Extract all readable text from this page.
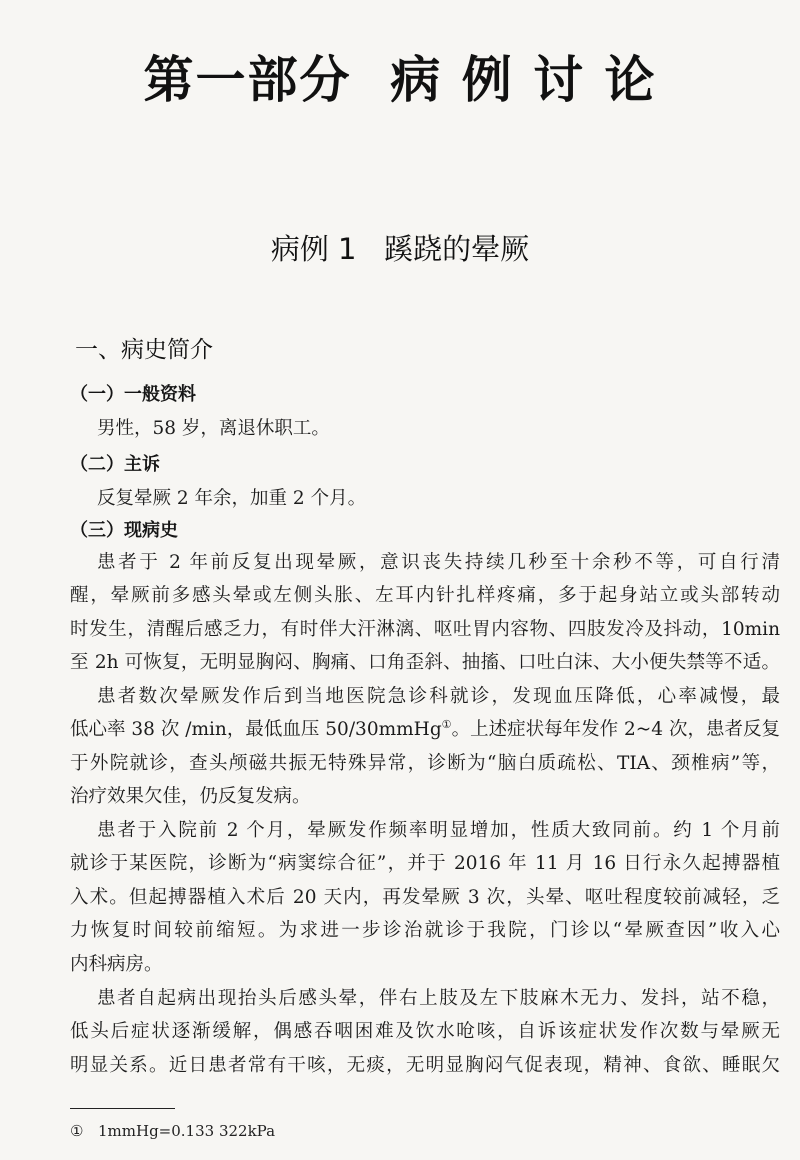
第一部分  病 例 讨 论
病例 1   蹊跷的晕厥
一、病史简介
（一）一般资料
男性，58 岁，离退休职工。
（二）主诉
反复晕厥 2 年余，加重 2 个月。
（三）现病史
患者于 2 年前反复出现晕厥，意识丧失持续几秒至十余秒不等，可自行清
醒，晕厥前多感头晕或左侧头胀、左耳内针扎样疼痛，多于起身站立或头部转动
时发生，清醒后感乏力，有时伴大汗淋漓、呕吐胃内容物、四肢发冷及抖动，10min
至 2h 可恢复，无明显胸闷、胸痛、口角歪斜、抽搐、口吐白沫、大小便失禁等不适。
患者数次晕厥发作后到当地医院急诊科就诊，发现血压降低，心率减慢，最
低心率 38 次 /min，最低血压 50/30mmHg①。上述症状每年发作 2~4 次，患者反复
于外院就诊，查头颅磁共振无特殊异常，诊断为“脑白质疏松、TIA、颈椎病”等，
治疗效果欠佳，仍反复发病。
患者于入院前 2 个月，晕厥发作频率明显增加，性质大致同前。约 1 个月前
就诊于某医院，诊断为“病窦综合征”，并于 2016 年 11 月 16 日行永久起搏器植
入术。但起搏器植入术后 20 天内，再发晕厥 3 次，头晕、呕吐程度较前减轻，乏
力恢复时间较前缩短。为求进一步诊治就诊于我院，门诊以“晕厥查因”收入心
内科病房。
患者自起病出现抬头后感头晕，伴右上肢及左下肢麻木无力、发抖，站不稳，
低头后症状逐渐缓解，偶感吞咽困难及饮水呛咳，自诉该症状发作次数与晕厥无
明显关系。近日患者常有干咳，无痰，无明显胸闷气促表现，精神、食欲、睡眠欠
① 1mmHg=0.133 322kPa
